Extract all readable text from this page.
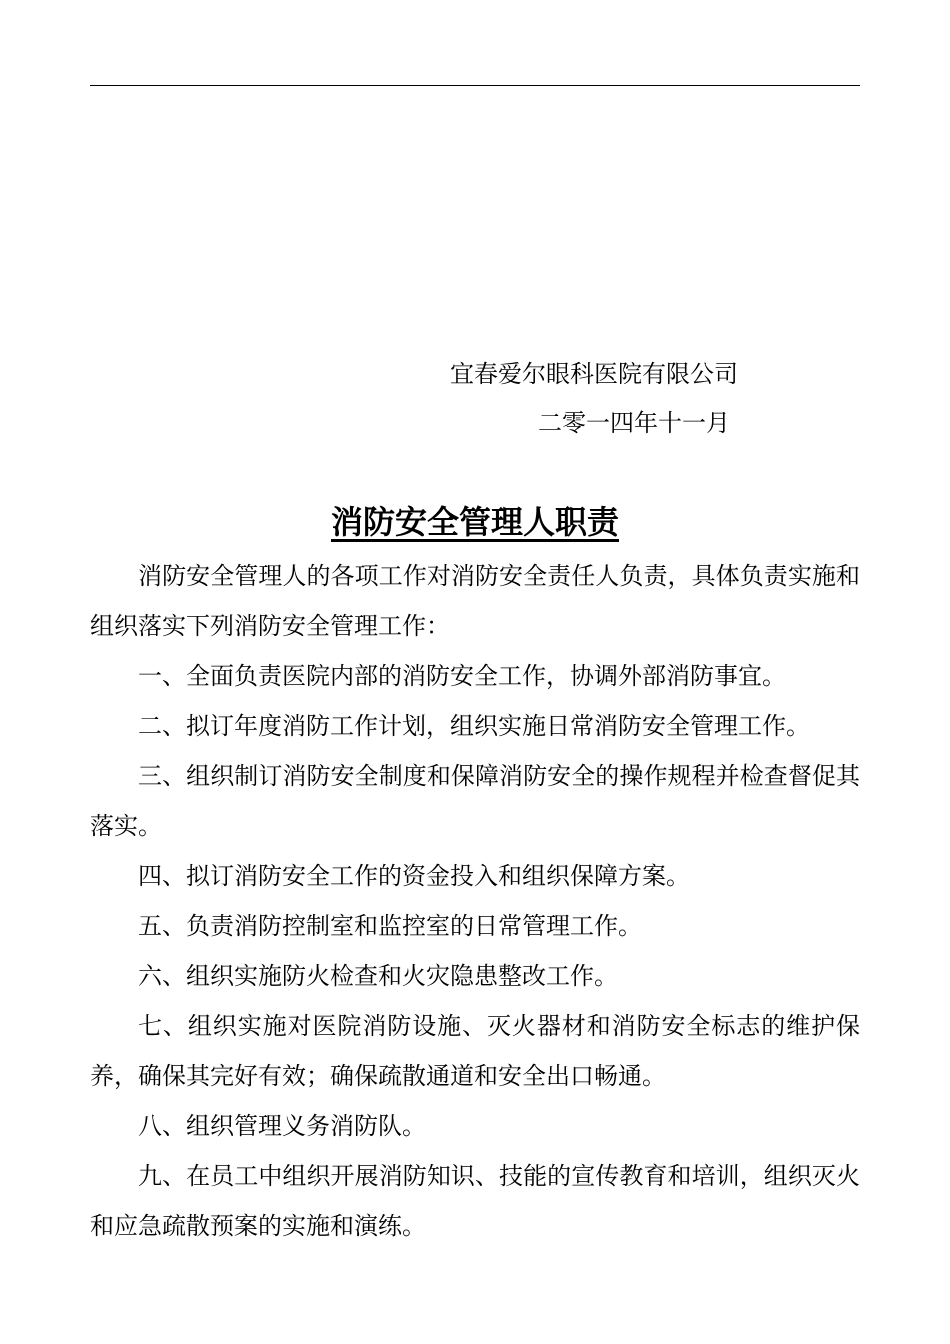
宜春爱尔眼科医院有限公司
二零一四年十一月
消防安全管理人职责

消防安全管理人的各项工作对消防安全责任人负责，具体负责实施和组织落实下列消防安全管理工作：

一、全面负责医院内部的消防安全工作，协调外部消防事宜。

二、拟订年度消防工作计划，组织实施日常消防安全管理工作。

三、组织制订消防安全制度和保障消防安全的操作规程并检查督促其落实。

四、拟订消防安全工作的资金投入和组织保障方案。

五、负责消防控制室和监控室的日常管理工作。

六、组织实施防火检查和火灾隐患整改工作。

七、组织实施对医院消防设施、灭火器材和消防安全标志的维护保养，确保其完好有效；确保疏散通道和安全出口畅通。

八、组织管理义务消防队。

九、在员工中组织开展消防知识、技能的宣传教育和培训，组织灭火和应急疏散预案的实施和演练。
